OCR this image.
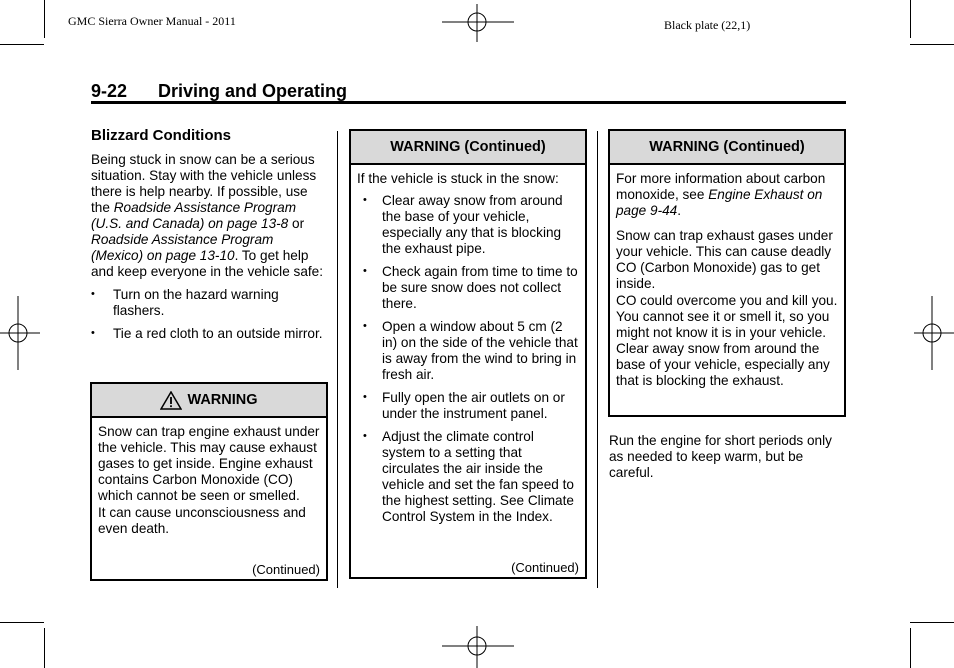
GMC Sierra Owner Manual - 2011	Black plate (22,1)
9-22 Driving and Operating
Blizzard Conditions

Being stuck in snow can be a serious situation. Stay with the vehicle unless there is help nearby. If possible, use the Roadside Assistance Program (U.S. and Canada) on page 13-8 or Roadside Assistance Program (Mexico) on page 13-10. To get help and keep everyone in the vehicle safe:

• Turn on the hazard warning flashers.
• Tie a red cloth to an outside mirror.
WARNING

Snow can trap engine exhaust under the vehicle. This may cause exhaust gases to get inside. Engine exhaust contains Carbon Monoxide (CO) which cannot be seen or smelled.

It can cause unconsciousness and even death.

(Continued)
WARNING (Continued)

If the vehicle is stuck in the snow:

• Clear away snow from around the base of your vehicle, especially any that is blocking the exhaust pipe.
• Check again from time to time to be sure snow does not collect there.
• Open a window about 5 cm (2 in) on the side of the vehicle that is away from the wind to bring in fresh air.
• Fully open the air outlets on or under the instrument panel.
• Adjust the climate control system to a setting that circulates the air inside the vehicle and set the fan speed to the highest setting. See Climate Control System in the Index.
(Continued)
WARNING (Continued)

For more information about carbon monoxide, see Engine Exhaust on page 9-44.

Snow can trap exhaust gases under your vehicle. This can cause deadly CO (Carbon Monoxide) gas to get inside.

CO could overcome you and kill you. You cannot see it or smell it, so you might not know it is in your vehicle. Clear away snow from around the base of your vehicle, especially any that is blocking the exhaust.

Run the engine for short periods only as needed to keep warm, but be careful.
